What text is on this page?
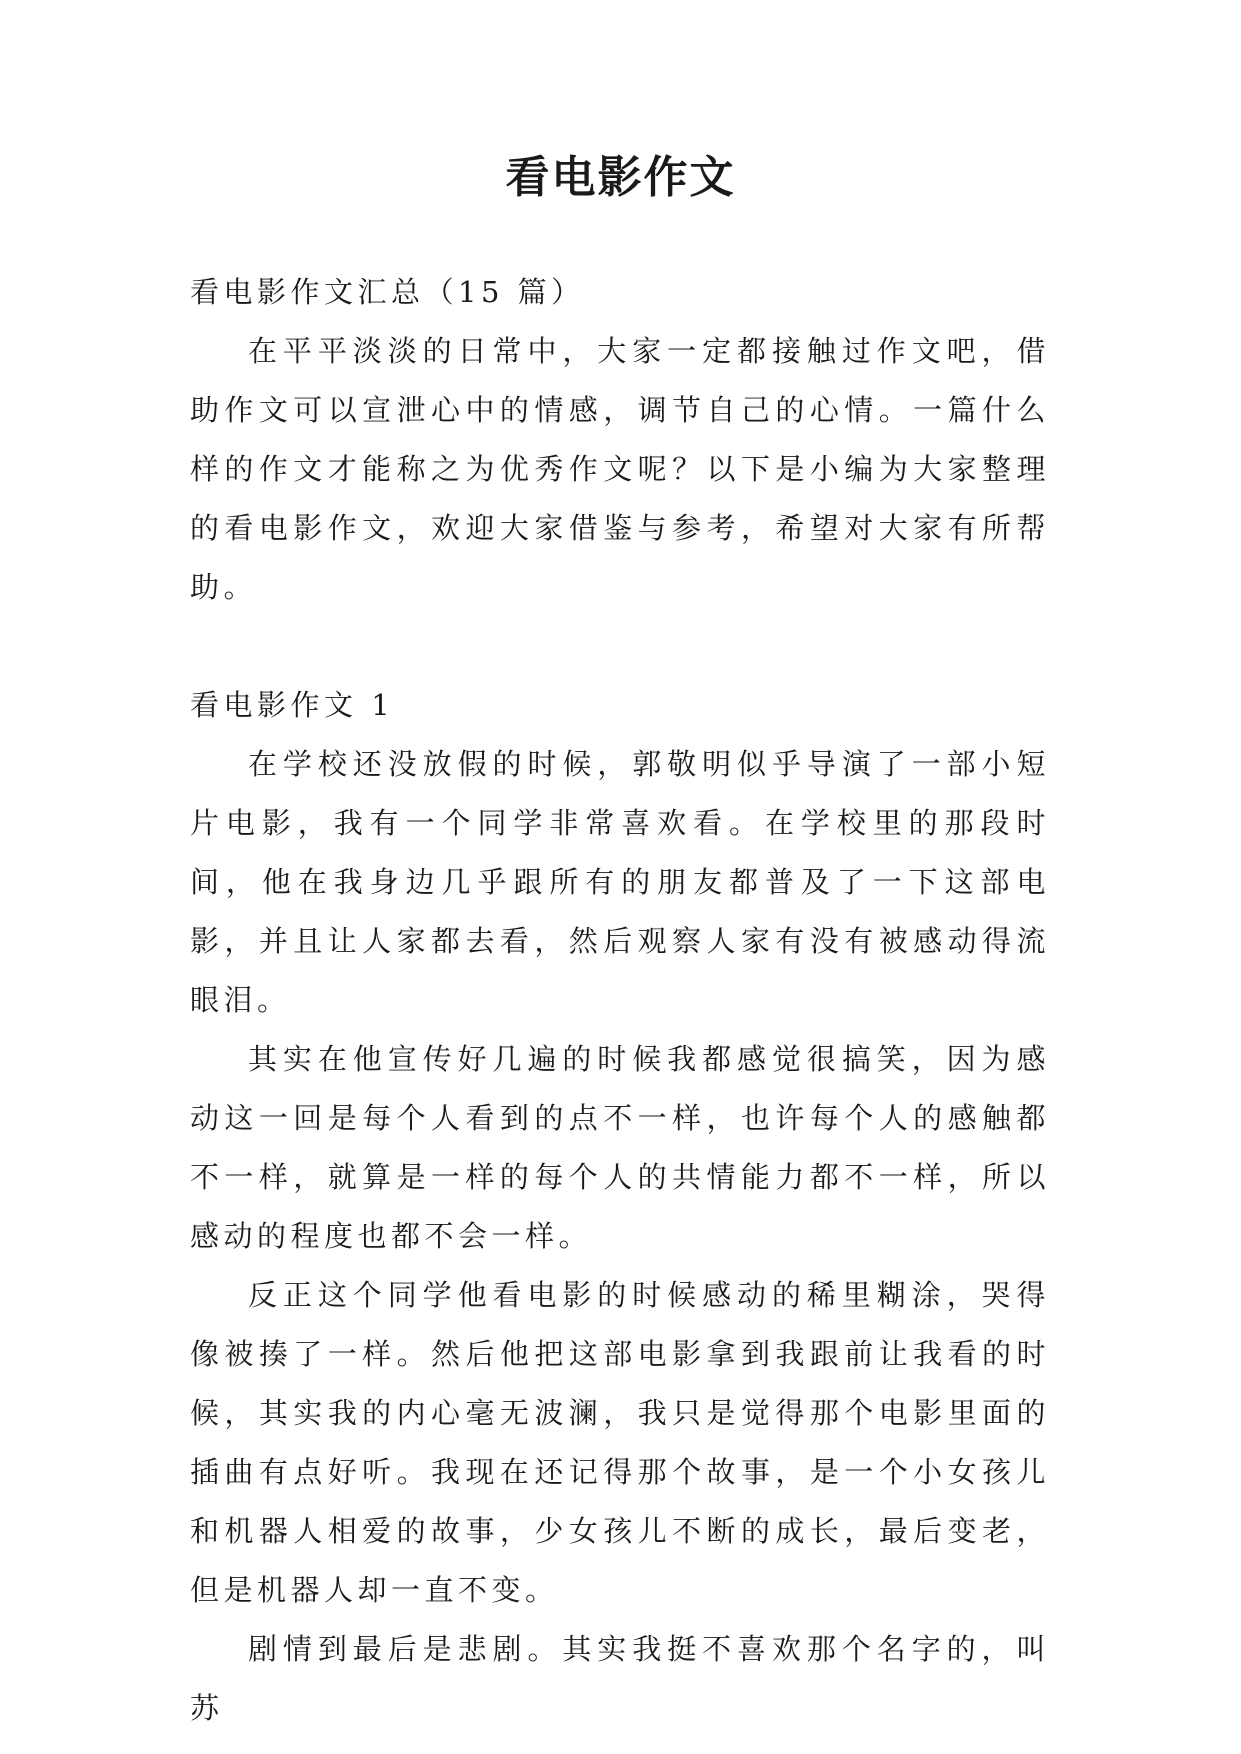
看电影作文

看电影作文汇总（15 篇）

在平平淡淡的日常中，大家一定都接触过作文吧，借助作文可以宣泄心中的情感，调节自己的心情。一篇什么样的作文才能称之为优秀作文呢？以下是小编为大家整理的看电影作文，欢迎大家借鉴与参考，希望对大家有所帮助。

看电影作文 1

在学校还没放假的时候，郭敬明似乎导演了一部小短片电影，我有一个同学非常喜欢看。在学校里的那段时间，他在我身边几乎跟所有的朋友都普及了一下这部电影，并且让人家都去看，然后观察人家有没有被感动得流眼泪。

其实在他宣传好几遍的时候我都感觉很搞笑，因为感动这一回是每个人看到的点不一样，也许每个人的感触都不一样，就算是一样的每个人的共情能力都不一样，所以感动的程度也都不会一样。

反正这个同学他看电影的时候感动的稀里糊涂，哭得像被揍了一样。然后他把这部电影拿到我跟前让我看的时候，其实我的内心毫无波澜，我只是觉得那个电影里面的插曲有点好听。我现在还记得那个故事，是一个小女孩儿和机器人相爱的故事，少女孩儿不断的成长，最后变老，但是机器人却一直不变。

剧情到最后是悲剧。其实我挺不喜欢那个名字的，叫苏
